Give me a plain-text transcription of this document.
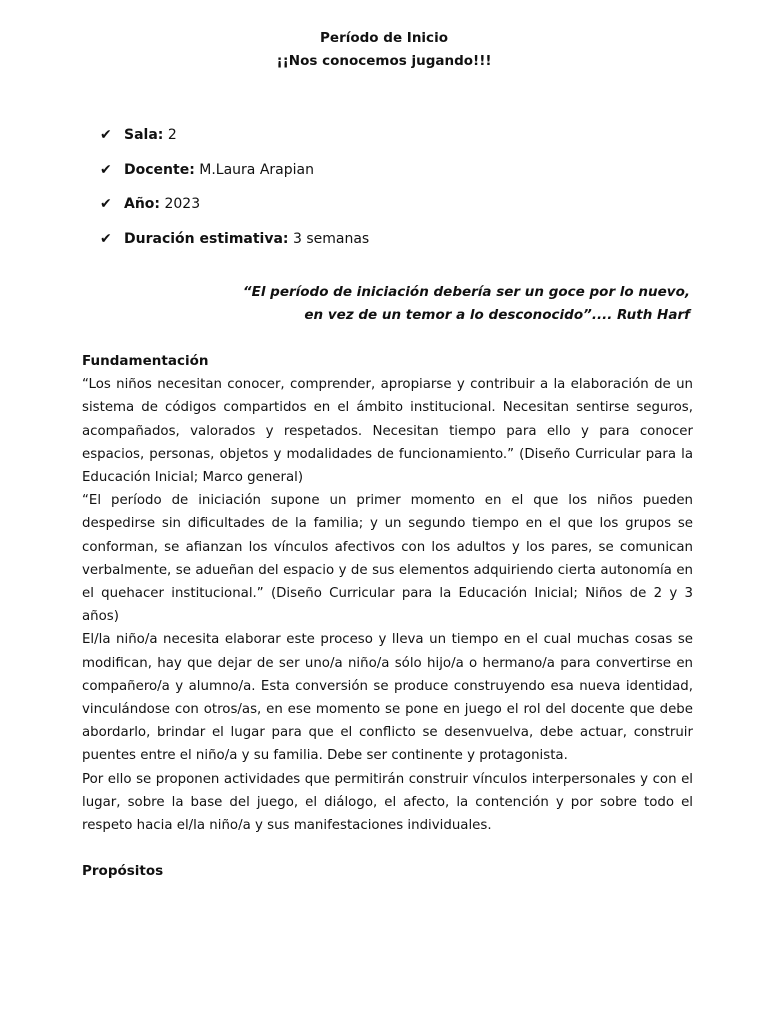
Período de Inicio
¡¡Nos conocemos jugando!!!
✔ Sala: 2
✔ Docente: M.Laura Arapian
✔ Año: 2023
✔ Duración estimativa: 3 semanas
“El período de iniciación debería ser un goce por lo nuevo,
en vez de un temor a lo desconocido”.... Ruth Harf

Fundamentación

“Los niños necesitan conocer, comprender, apropiarse y contribuir a la elaboración de un sistema de códigos compartidos en el ámbito institucional. Necesitan sentirse seguros, acompañados, valorados y respetados. Necesitan tiempo para ello y para conocer espacios, personas, objetos y modalidades de funcionamiento.” (Diseño Curricular para la Educación Inicial; Marco general)

“El período de iniciación supone un primer momento en el que los niños pueden despedirse sin dificultades de la familia; y un segundo tiempo en el que los grupos se conforman, se afianzan los vínculos afectivos con los adultos y los pares, se comunican verbalmente, se adueñan del espacio y de sus elementos adquiriendo cierta autonomía en el quehacer institucional.” (Diseño Curricular para la Educación Inicial; Niños de 2 y 3 años)

El/la niño/a necesita elaborar este proceso y lleva un tiempo en el cual muchas cosas se modifican, hay que dejar de ser uno/a niño/a sólo hijo/a o hermano/a para convertirse en compañero/a y alumno/a. Esta conversión se produce construyendo esa nueva identidad, vinculándose con otros/as, en ese momento se pone en juego el rol del docente que debe abordarlo, brindar el lugar para que el conflicto se desenvuelva, debe actuar, construir puentes entre el niño/a y su familia. Debe ser continente y protagonista.

Por ello se proponen actividades que permitirán construir vínculos interpersonales y con el lugar, sobre la base del juego, el diálogo, el afecto, la contención y por sobre todo el respeto hacia el/la niño/a y sus manifestaciones individuales.

Propósitos
